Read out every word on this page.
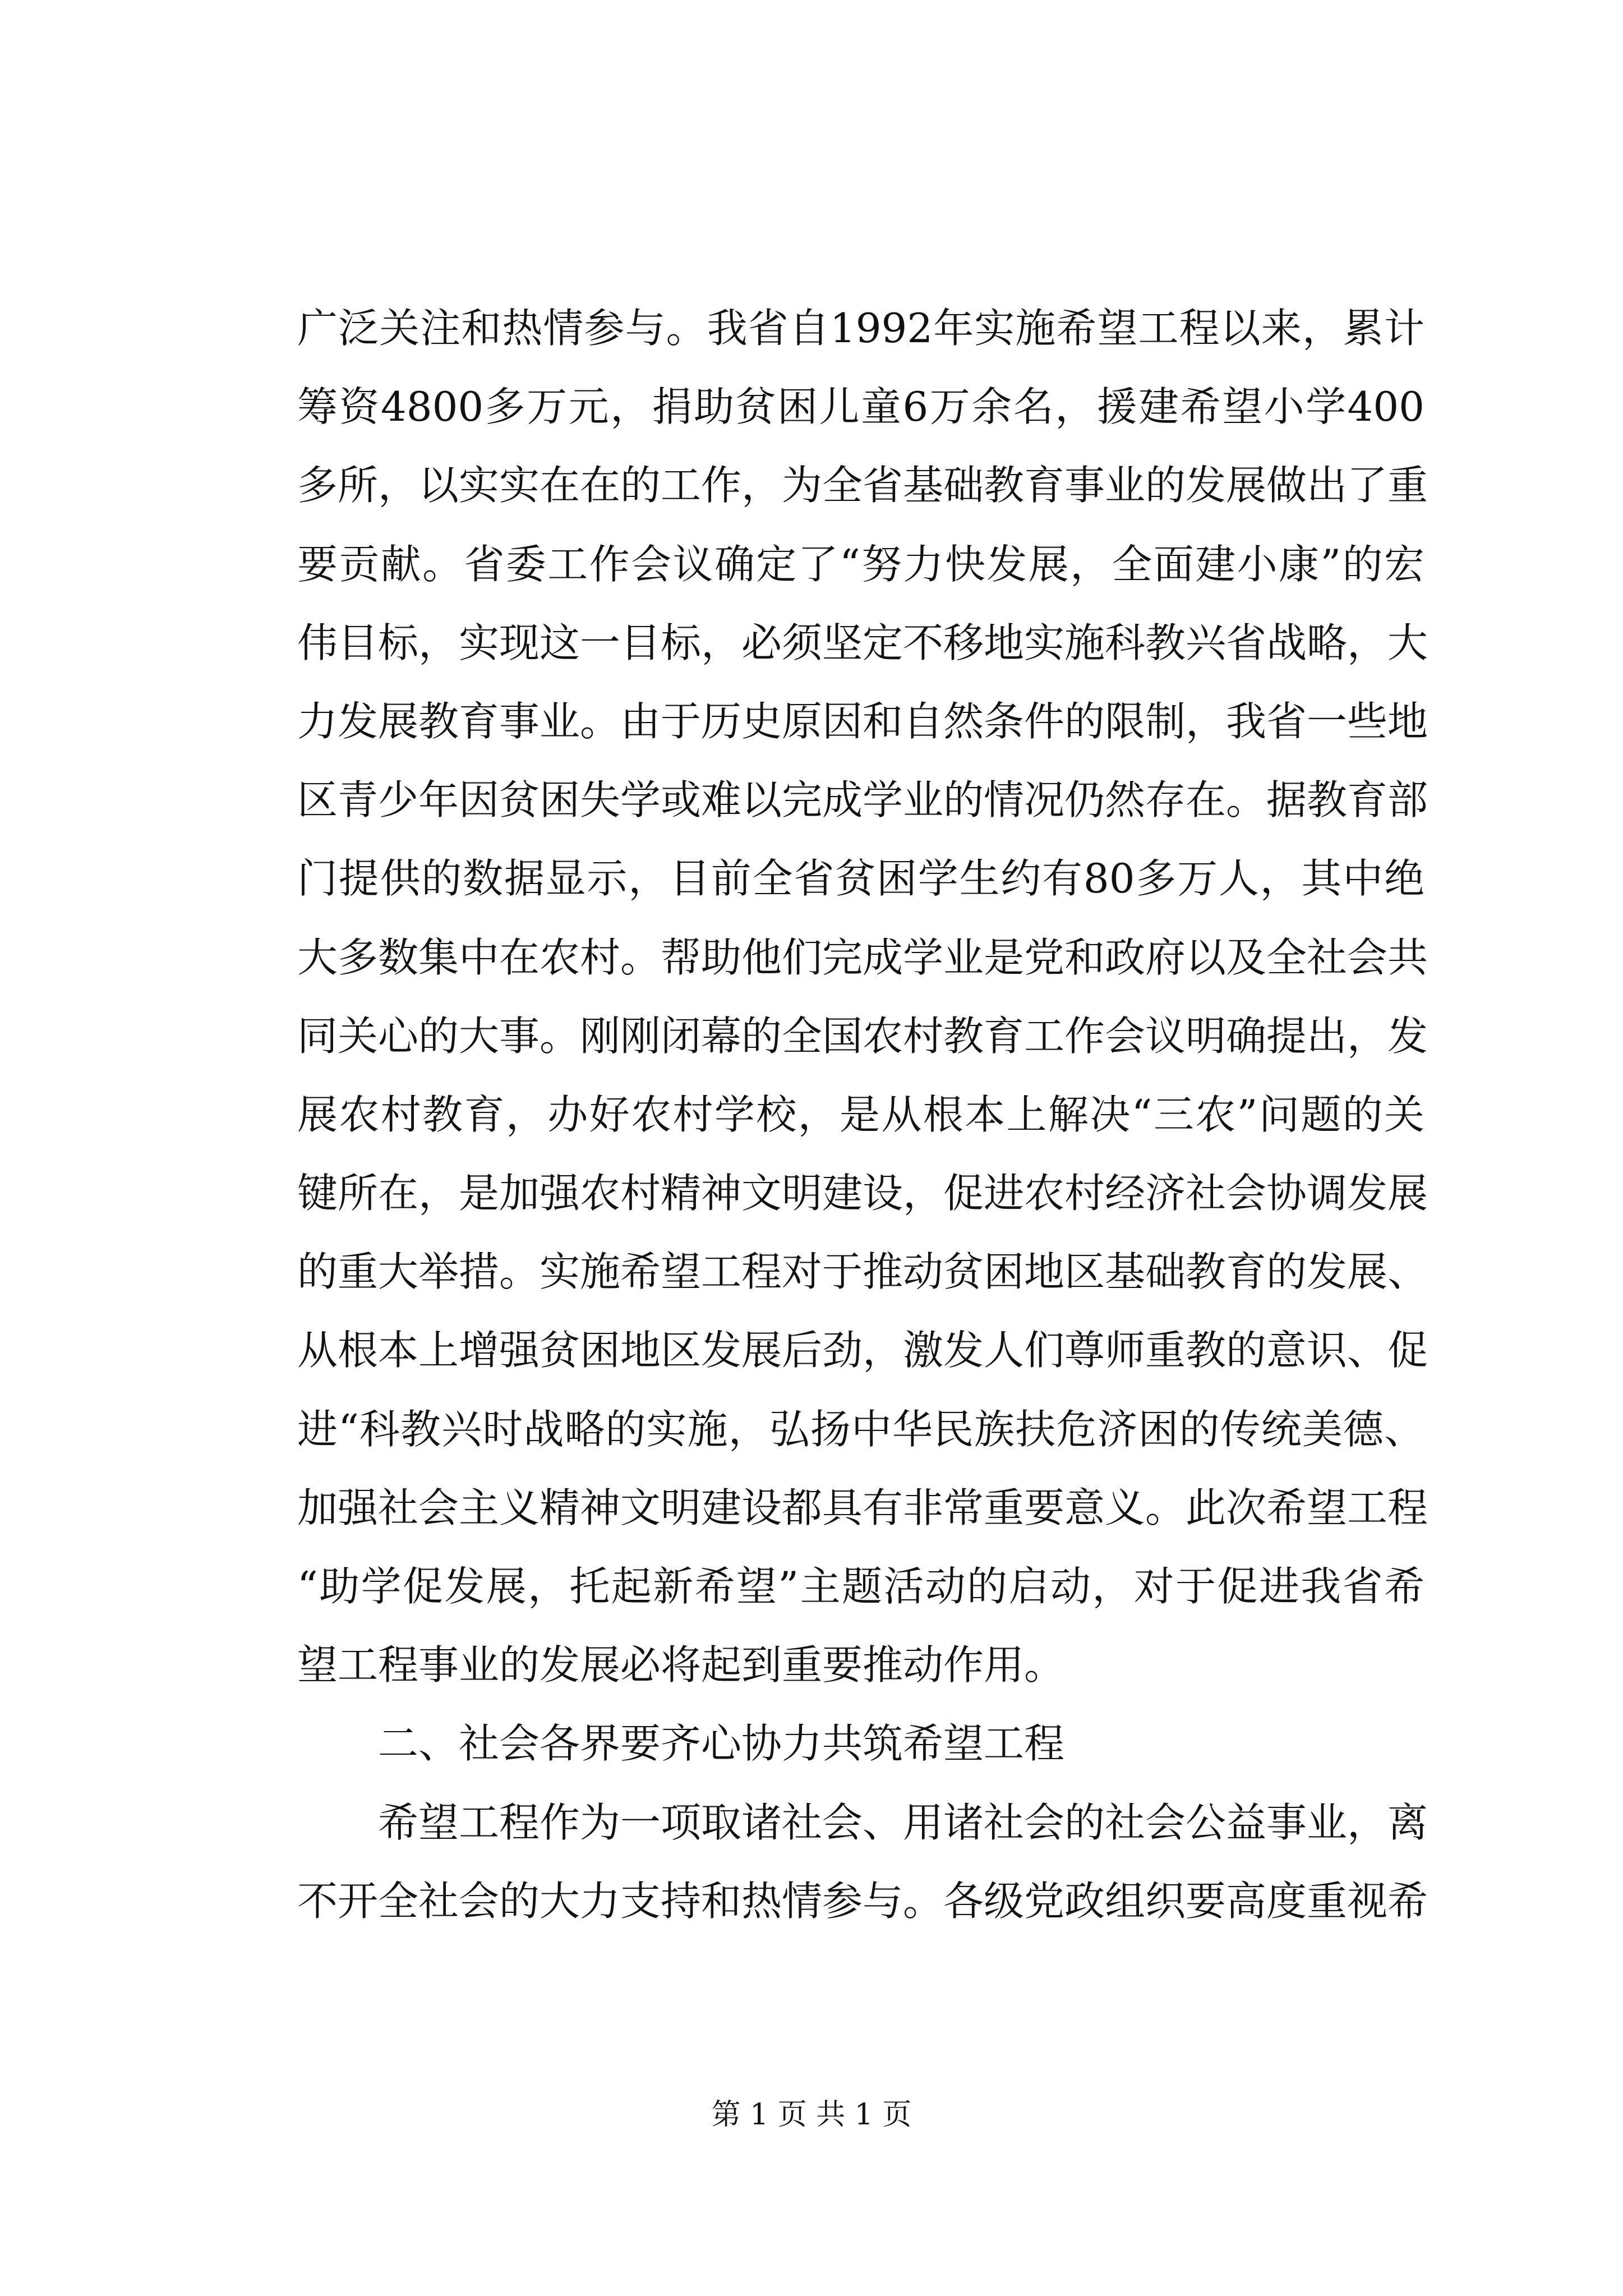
广泛关注和热情参与。我省自1992年实施希望工程以来，累计
筹资4800多万元，捐助贫困儿童6万余名，援建希望小学400
多所，以实实在在的工作，为全省基础教育事业的发展做出了重
要贡献。省委工作会议确定了“努力快发展，全面建小康”的宏
伟目标，实现这一目标，必须坚定不移地实施科教兴省战略，大
力发展教育事业。由于历史原因和自然条件的限制，我省一些地
区青少年因贫困失学或难以完成学业的情况仍然存在。据教育部
门提供的数据显示，目前全省贫困学生约有80多万人，其中绝
大多数集中在农村。帮助他们完成学业是党和政府以及全社会共
同关心的大事。刚刚闭幕的全国农村教育工作会议明确提出，发
展农村教育，办好农村学校，是从根本上解决“三农”问题的关
键所在，是加强农村精神文明建设，促进农村经济社会协调发展
的重大举措。实施希望工程对于推动贫困地区基础教育的发展、
从根本上增强贫困地区发展后劲，激发人们尊师重教的意识、促
进“科教兴时战略的实施，弘扬中华民族扶危济困的传统美德、
加强社会主义精神文明建设都具有非常重要意义。此次希望工程
“助学促发展，托起新希望”主题活动的启动，对于促进我省希
望工程事业的发展必将起到重要推动作用。
二、社会各界要齐心协力共筑希望工程
希望工程作为一项取诸社会、用诸社会的社会公益事业，离
不开全社会的大力支持和热情参与。各级党政组织要高度重视希
第 1 页 共 1 页
